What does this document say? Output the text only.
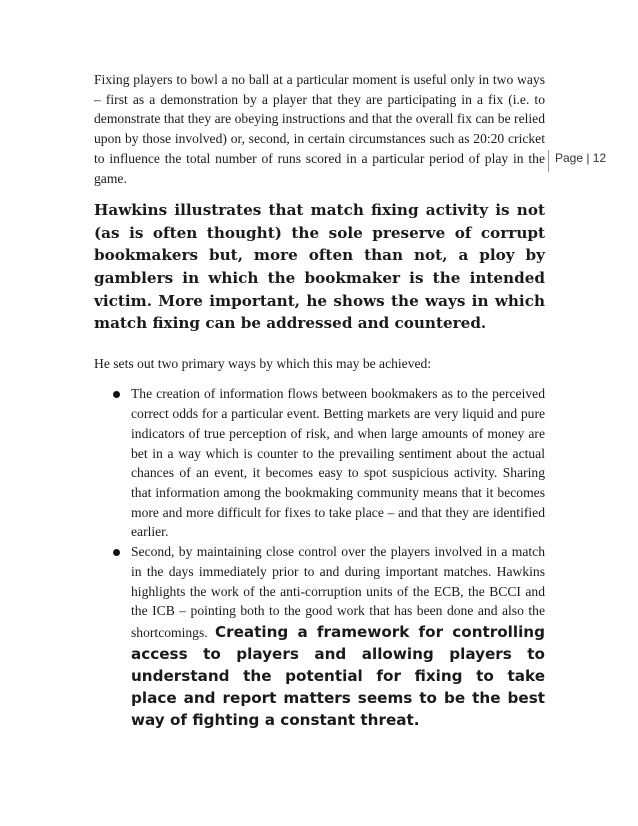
Page | 12

Fixing players to bowl a no ball at a particular moment is useful only in two ways – first as a demonstration by a player that they are participating in a fix (i.e. to demonstrate that they are obeying instructions and that the overall fix can be relied upon by those involved) or, second, in certain circumstances such as 20:20 cricket to influence the total number of runs scored in a particular period of play in the game.

Hawkins illustrates that match fixing activity is not (as is often thought) the sole preserve of corrupt bookmakers but, more often than not, a ploy by gamblers in which the bookmaker is the intended victim. More important, he shows the ways in which match fixing can be addressed and countered.

He sets out two primary ways by which this may be achieved:

The creation of information flows between bookmakers as to the perceived correct odds for a particular event. Betting markets are very liquid and pure indicators of true perception of risk, and when large amounts of money are bet in a way which is counter to the prevailing sentiment about the actual chances of an event, it becomes easy to spot suspicious activity. Sharing that information among the bookmaking community means that it becomes more and more difficult for fixes to take place – and that they are identified earlier.

Second, by maintaining close control over the players involved in a match in the days immediately prior to and during important matches. Hawkins highlights the work of the anti-corruption units of the ECB, the BCCI and the ICB – pointing both to the good work that has been done and also the shortcomings. Creating a framework for controlling access to players and allowing players to understand the potential for fixing to take place and report matters seems to be the best way of fighting a constant threat.
